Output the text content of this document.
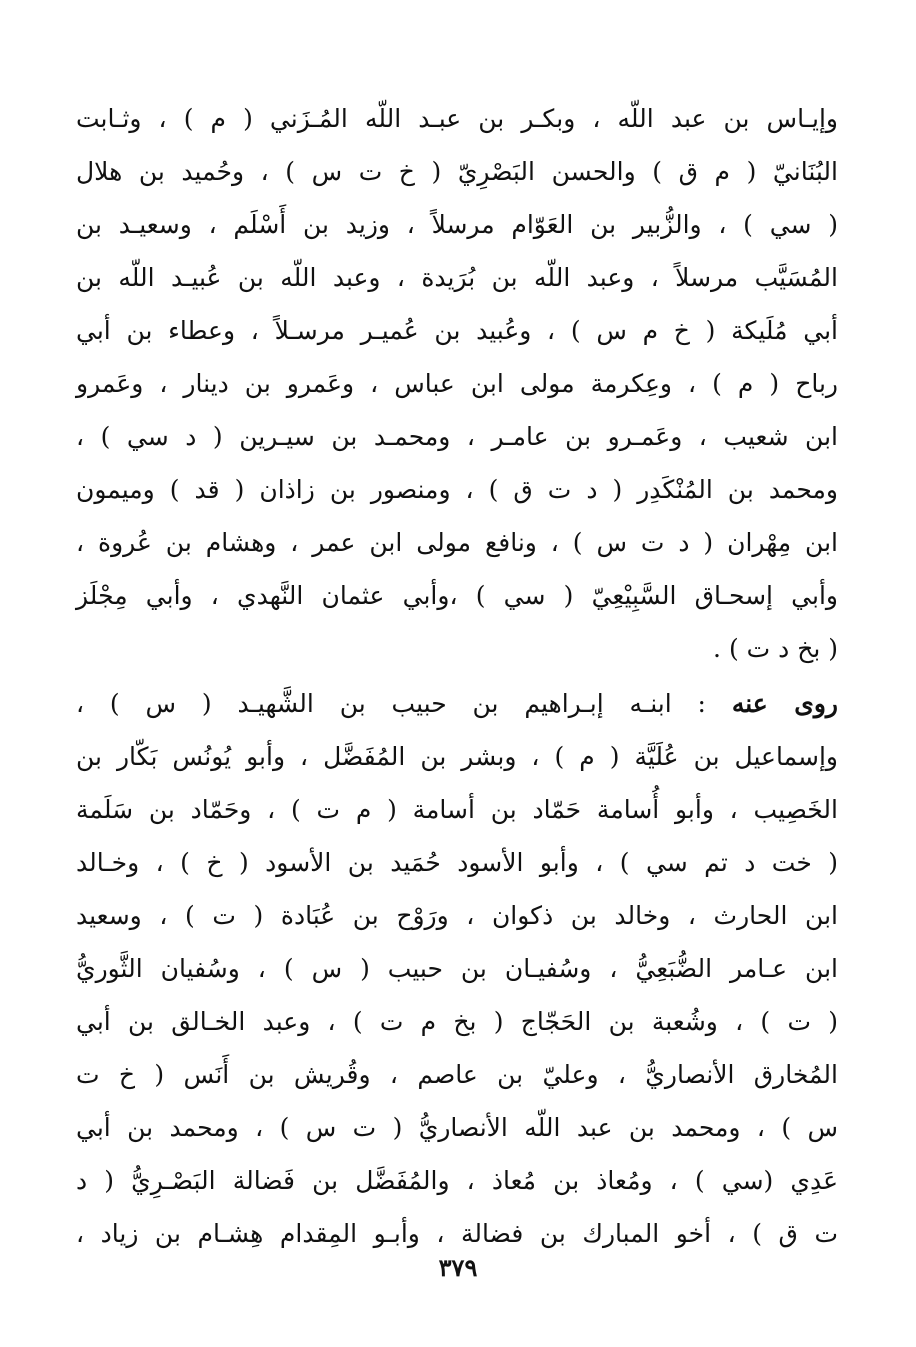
وإيـاس بن عبد اللّه ، وبكـر بن عبـد اللّه المُـزَني ( م ) ، وثـابت
البُنَانيّ ( م ق ) والحسن البَصْرِيّ ( خ ت س ) ، وحُميد بن هلال
( سي ) ، والزُّبير بن العَوّام مرسلاً ، وزيد بن أَسْلَم ، وسعيـد بن
المُسَيَّب مرسلاً ، وعبد اللّه بن بُرَيدة ، وعبد اللّه بن عُبيـد اللّه بن
أبي مُلَيكة ( خ م س ) ، وعُبيد بن عُميـر مرسـلاً ، وعطاء بن أبي
رباح ( م ) ، وعِكرمة مولى ابن عباس ، وعَمرو بن دينار ، وعَمرو
ابن شعيب ، وعَمـرو بن عامـر ، ومحمـد بن سيـرين ( د سي ) ،
ومحمد بن المُنْكَدِر ( د ت ق ) ، ومنصور بن زاذان ( قد ) وميمون
ابن مِهْران ( د ت س ) ، ونافع مولى ابن عمر ، وهشام بن عُروة ،
وأبي إسحـاق السَّبِيْعِيّ ( سي ) ،وأبي عثمان النَّهدي ، وأبي مِجْلَز
( بخ د ت ) .
روى عنه : ابنـه إبـراهيم بن حبيب بن الشَّهيـد ( س ) ،
وإسماعيل بن عُلَيَّة ( م ) ، وبشر بن المُفَضَّل ، وأبو يُونُس بَكّار بن
الخَصِيب ، وأبو أُسامة حَمّاد بن أسامة ( م ت ) ، وحَمّاد بن سَلَمة
( خت د تم سي ) ، وأبو الأسود حُمَيد بن الأسود ( خ ) ، وخـالد
ابن الحارث ، وخالد بن ذكوان ، ورَوْح بن عُبَادة ( ت ) ، وسعيد
ابن عـامر الضُّبَعِيُّ ، وسُفيـان بن حبيب ( س ) ، وسُفيان الثَّوريُّ
( ت ) ، وشُعبة بن الحَجّاج ( بخ م ت ) ، وعبد الخـالق بن أبي
المُخارق الأنصاريُّ ، وعليّ بن عاصم ، وقُريش بن أَنَس ( خ ت
س ) ، ومحمد بن عبد اللّه الأنصاريُّ ( ت س ) ، ومحمد بن أبي
عَدِي (سي ) ، ومُعاذ بن مُعاذ ، والمُفَضَّل بن فَضالة البَصْـرِيُّ ( د
ت ق ) ، أخو المبارك بن فضالة ، وأبـو المِقدام هِشـام بن زياد ،
٣٧٩
